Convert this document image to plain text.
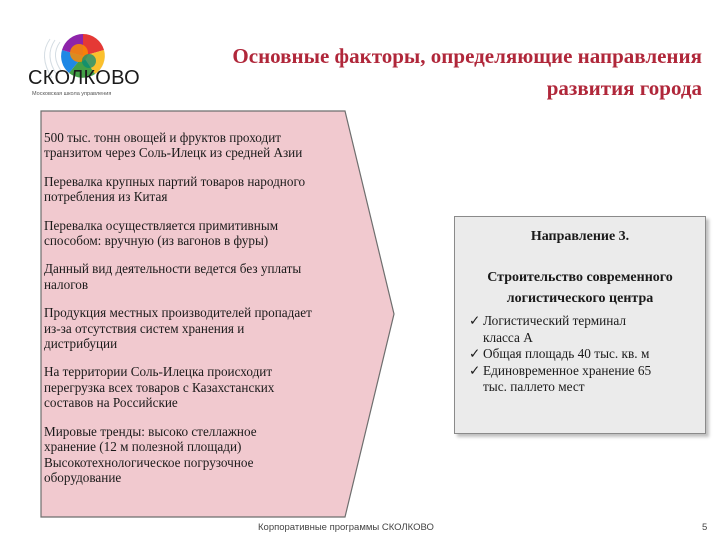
СКОЛКОВО
Московская школа управления
Основные факторы, определяющие направления
развития города
500 тыс. тонн овощей и фруктов проходит
транзитом через Соль-Илецк из средней Азии
Перевалка крупных партий товаров народного
потребления из Китая
Перевалка осуществляется примитивным
способом: вручную (из вагонов в фуры)
Данный вид деятельности ведется без уплаты
налогов
Продукция местных производителей пропадает
из-за отсутствия систем хранения и
дистрибуции
На территории Соль-Илецка происходит
перегрузка всех товаров с Казахстанских
составов на Российские
Мировые тренды: высоко стеллажное
хранение (12 м полезной площади)
Высокотехнологическое погрузочное
оборудование
Направление 3.
Строительство современного
логистического центра
✓ Логистический терминал
класса А
✓ Общая площадь 40 тыс. кв. м
✓ Единовременное хранение 65
тыс. паллето мест
Корпоративные программы СКОЛКОВО	5
